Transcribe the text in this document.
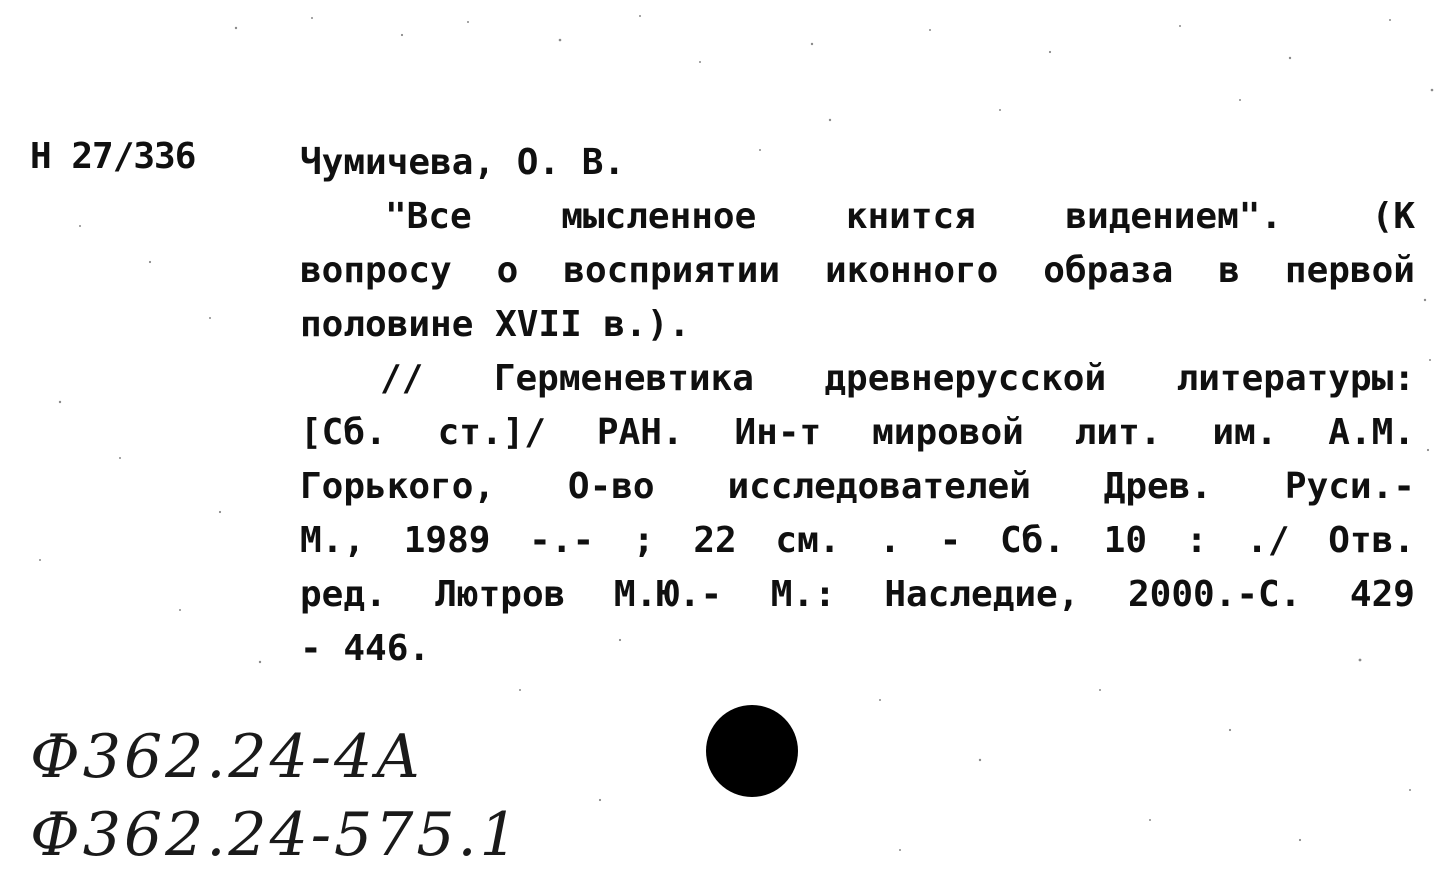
Н 27/336	Чумичева, О. В.
"Все мысленное кнится видением". (К
вопросу о восприятии иконного образа в первой
половине XVII в.).
// Герменевтика древнерусской литературы:
[Сб. ст.]/ РАН. Ин-т мировой лит. им. А.М.
Горького, О-во исследователей Древ. Руси.-
М., 1989 -.- ; 22 см. . - Сб. 10 : ./ Отв.
ред. Лютров М.Ю.- М.: Наследие, 2000.-С. 429
- 446.
Ф362.24-4А
Ф362.24-575.1
